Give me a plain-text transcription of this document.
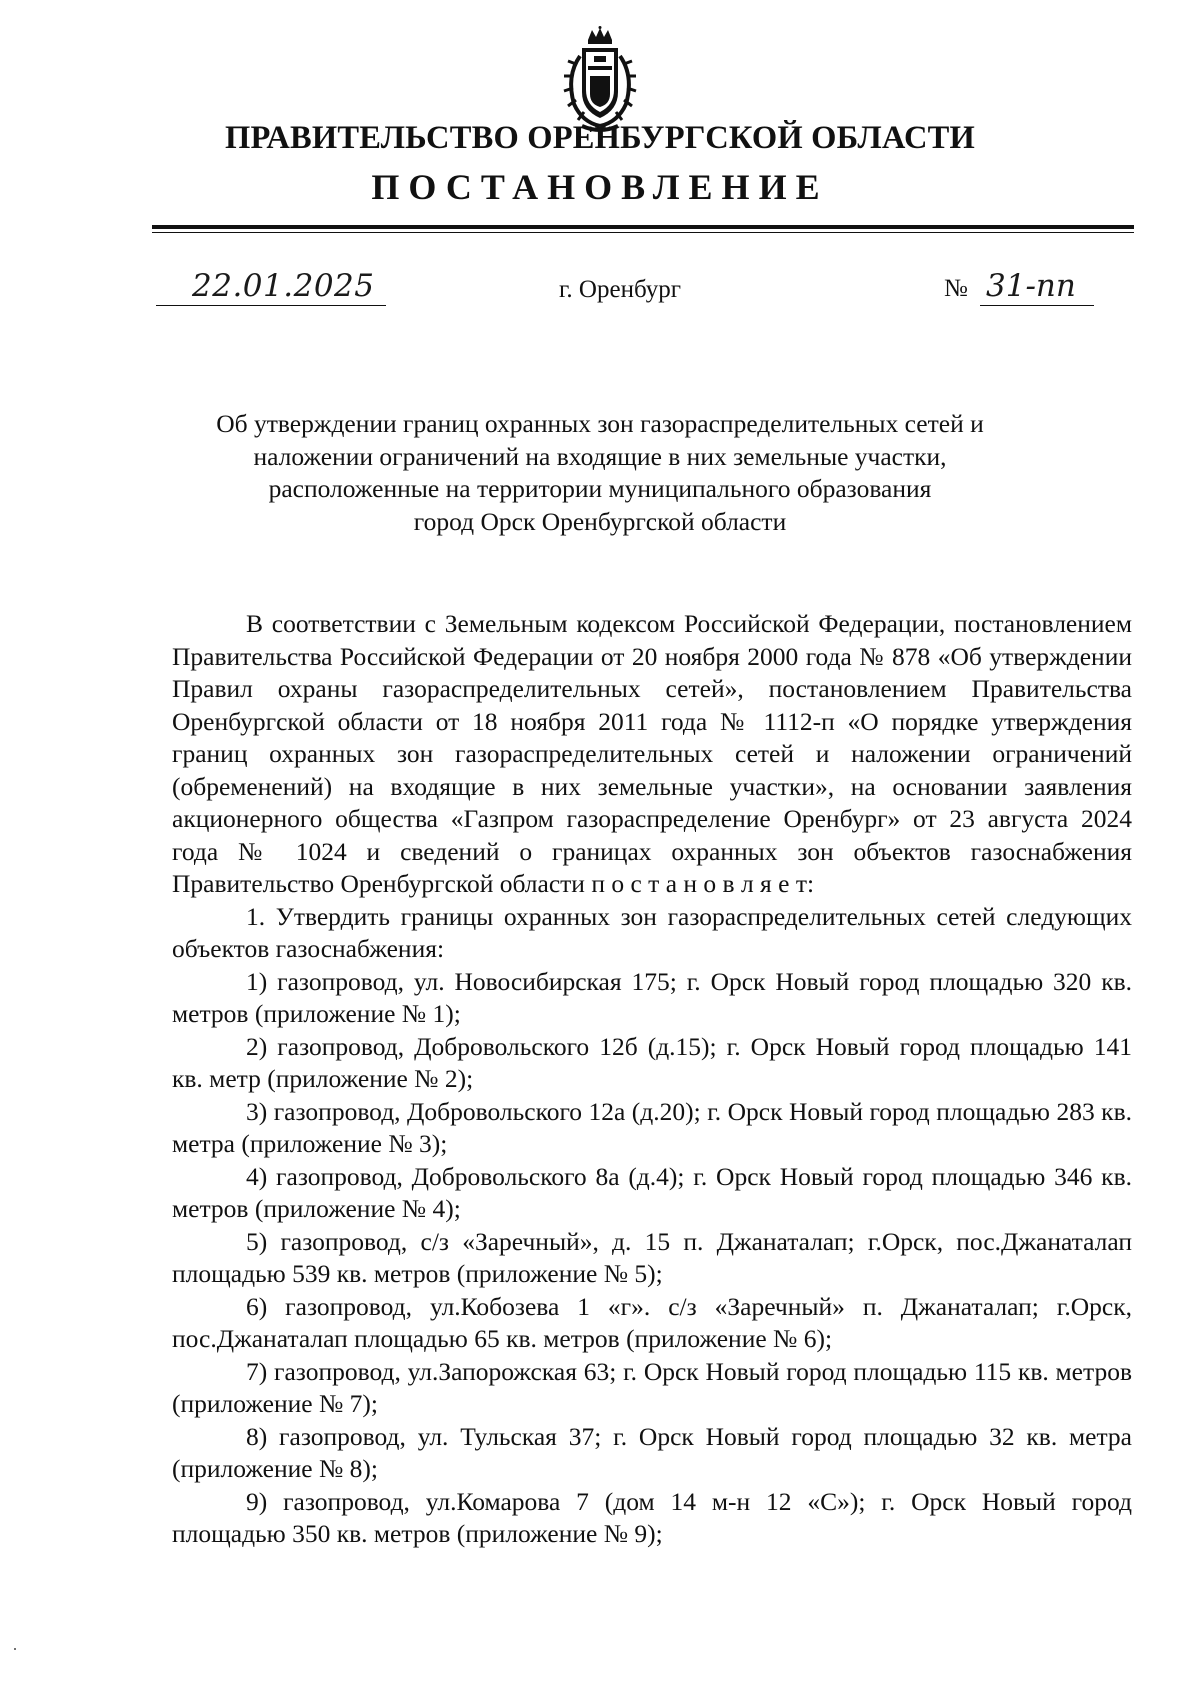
ПРАВИТЕЛЬСТВО ОРЕНБУРГСКОЙ ОБЛАСТИ
ПОСТАНОВЛЕНИЕ
22.01.2025	г. Оренбург	№ 31-пп
Об утверждении границ охранных зон газораспределительных сетей и
наложении ограничений на входящие в них земельные участки,
расположенные на территории муниципального образования
город Орск Оренбургской области

В соответствии с Земельным кодексом Российской Федерации, постановлением Правительства Российской Федерации от 20 ноября 2000 года № 878 «Об утверждении Правил охраны газораспределительных сетей», постановлением Правительства Оренбургской области от 18 ноября 2011 года № 1112-п «О порядке утверждения границ охранных зон газораспределительных сетей и наложении ограничений (обременений) на входящие в них земельные участки», на основании заявления акционерного общества «Газпром газораспределение Оренбург» от 23 августа 2024 года № 1024 и сведений о границах охранных зон объектов газоснабжения Правительство Оренбургской области п о с т а н о в л я е т:

1. Утвердить границы охранных зон газораспределительных сетей следующих объектов газоснабжения:

1) газопровод, ул. Новосибирская 175; г. Орск Новый город площадью 320 кв. метров (приложение № 1);

2) газопровод, Добровольского 12б (д.15); г. Орск Новый город площадью 141 кв. метр (приложение № 2);

3) газопровод, Добровольского 12а (д.20); г. Орск Новый город площадью 283 кв. метра (приложение № 3);

4) газопровод, Добровольского 8а (д.4); г. Орск Новый город площадью 346 кв. метров (приложение № 4);

5) газопровод, с/з «Заречный», д. 15 п. Джанаталап; г.Орск, пос.Джанаталап площадью 539 кв. метров (приложение № 5);

6) газопровод, ул.Кобозева 1 «г». с/з «Заречный» п. Джанаталап; г.Орск, пос.Джанаталап площадью 65 кв. метров (приложение № 6);

7) газопровод, ул.Запорожская 63; г. Орск Новый город площадью 115 кв. метров (приложение № 7);

8) газопровод, ул. Тульская 37; г. Орск Новый город площадью 32 кв. метра (приложение № 8);

9) газопровод, ул.Комарова 7 (дом 14 м-н 12 «С»); г. Орск Новый город площадью 350 кв. метров (приложение № 9);
